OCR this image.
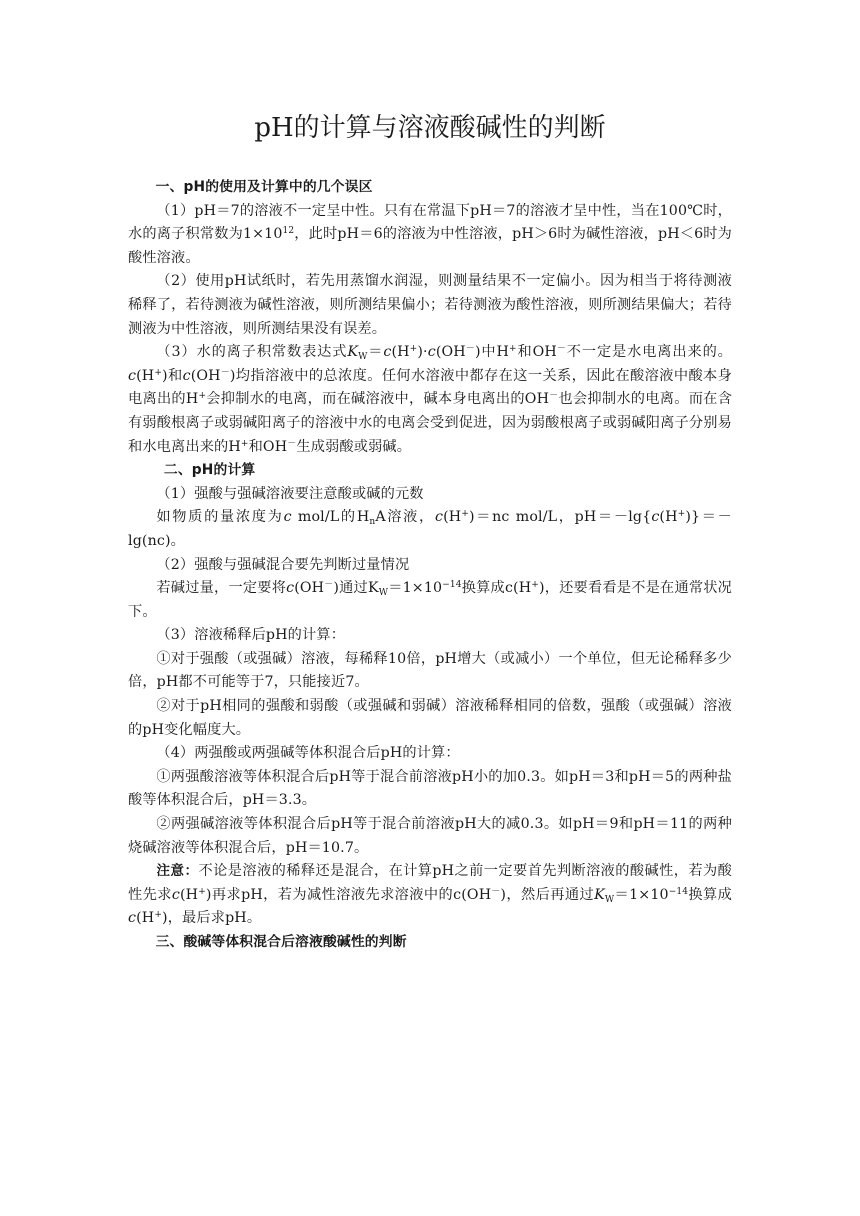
pH的计算与溶液酸碱性的判断

一、pH的使用及计算中的几个误区

（1）pH＝7的溶液不一定呈中性。只有在常温下pH＝7的溶液才呈中性，当在100℃时，水的离子积常数为$1\times 10^{12}$，此时pH＝6的溶液为中性溶液，pH＞6时为碱性溶液，pH＜6时为酸性溶液。

（2）使用pH试纸时，若先用蒸馏水润湿，则测量结果不一定偏小。因为相当于将待测液稀释了，若待测液为碱性溶液，则所测结果偏小；若待测液为酸性溶液，则所测结果偏大；若待测液为中性溶液，则所测结果没有误差。

（3）水的离子积常数表达式$K_W=c(H^+)\cdot c(OH^-)$中H+和OH－不一定是水电离出来的。c(H+)和c(OH－)均指溶液中的总浓度。任何水溶液中都存在这一关系，因此在酸溶液中酸本身电离出的H+会抑制水的电离，而在碱溶液中，碱本身电离出的OH－也会抑制水的电离。而在含有弱酸根离子或弱碱阳离子的溶液中水的电离会受到促进，因为弱酸根离子或弱碱阳离子分别易和水电离出来的H+和OH－生成弱酸或弱碱。

二、pH的计算

（1）强酸与强碱溶液要注意酸或碱的元数

如物质的量浓度为c mol/L的$H_nA$溶液，c(H+)＝nc mol/L，pH＝－lg{c(H+)}＝－lg(nc)。

（2）强酸与强碱混合要先判断过量情况

若碱过量，一定要将c(OH－)通过$K_W=1\times 10^{-14}$换算成c(H+)，还要看看是不是在通常状况下。

（3）溶液稀释后pH的计算：

①对于强酸（或强碱）溶液，每稀释10倍，pH增大（或减小）一个单位，但无论稀释多少倍，pH都不可能等于7，只能接近7。

②对于pH相同的强酸和弱酸（或强碱和弱碱）溶液稀释相同的倍数，强酸（或强碱）溶液的pH变化幅度大。

（4）两强酸或两强碱等体积混合后pH的计算：

①两强酸溶液等体积混合后pH等于混合前溶液pH小的加0.3。如pH＝3和pH＝5的两种盐酸等体积混合后，pH＝3.3。

②两强碱溶液等体积混合后pH等于混合前溶液pH大的减0.3。如pH＝9和pH＝11的两种烧碱溶液等体积混合后，pH＝10.7。

注意：不论是溶液的稀释还是混合，在计算pH之前一定要首先判断溶液的酸碱性，若为酸性先求c(H+)再求pH，若为减性溶液先求溶液中的c(OH－)，然后再通过$K_W=1\times 10^{-14}$换算成c(H+)，最后求pH。

三、酸碱等体积混合后溶液酸碱性的判断
